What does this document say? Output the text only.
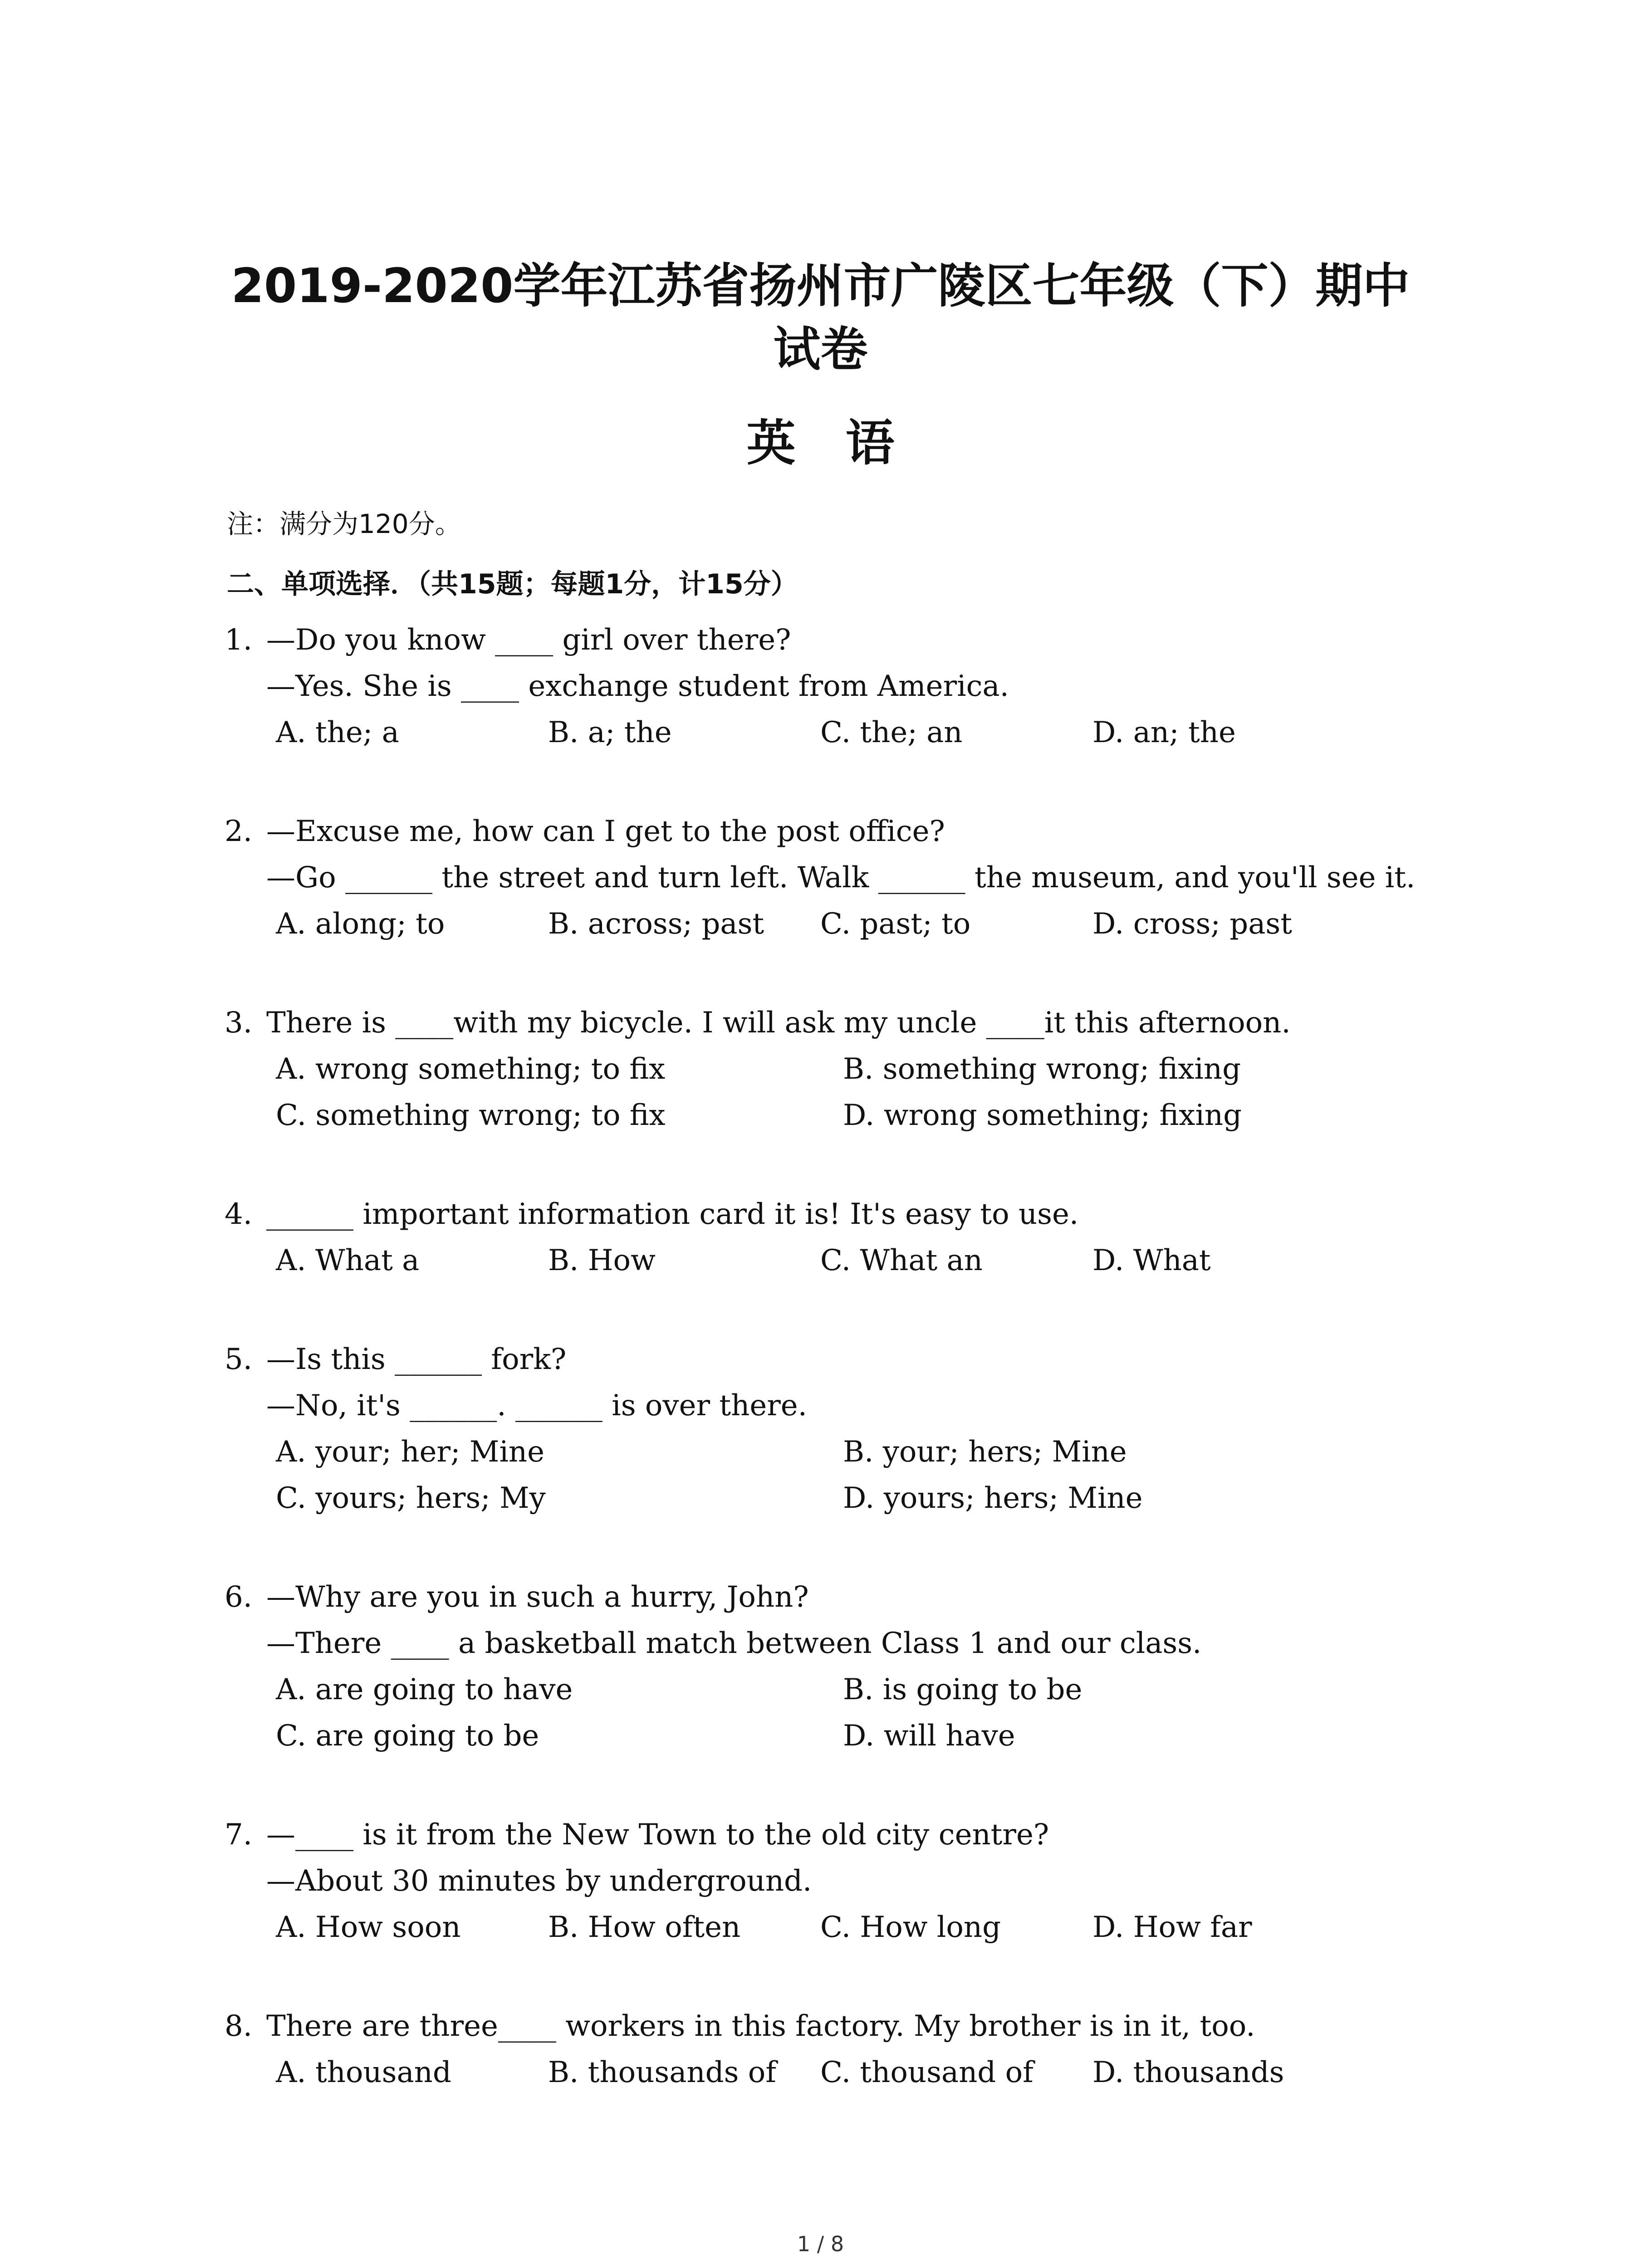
2019-2020学年江苏省扬州市广陵区七年级（下）期中
试卷
英语
注：满分为120分。
二、单项选择．（共15题；每题1分，计15分）
1. —Do you know ____ girl over there?
—Yes. She is ____ exchange student from America.
A. the; a	B. a; the	C. the; an	D. an; the
2. —Excuse me, how can I get to the post office?
—Go ______ the street and turn left. Walk ______ the museum, and you'll see it.
A. along; to	B. across; past	C. past; to	D. cross; past
3. There is ____with my bicycle. I will ask my uncle ____it this afternoon.
A. wrong something; to fix	B. something wrong; fixing
C. something wrong; to fix	D. wrong something; fixing
4. ______ important information card it is! It's easy to use.
A. What a	B. How	C. What an	D. What
5. —Is this ______ fork?
—No, it's ______. ______ is over there.
A. your; her; Mine	B. your; hers; Mine
C. yours; hers; My	D. yours; hers; Mine
6. —Why are you in such a hurry, John?
—There ____ a basketball match between Class 1 and our class.
A. are going to have	B. is going to be
C. are going to be	D. will have
7. —____ is it from the New Town to the old city centre?
—About 30 minutes by underground.
A. How soon	B. How often	C. How long	D. How far
8. There are three____ workers in this factory. My brother is in it, too.
A. thousand	B. thousands of	C. thousand of	D. thousands
1 / 8
